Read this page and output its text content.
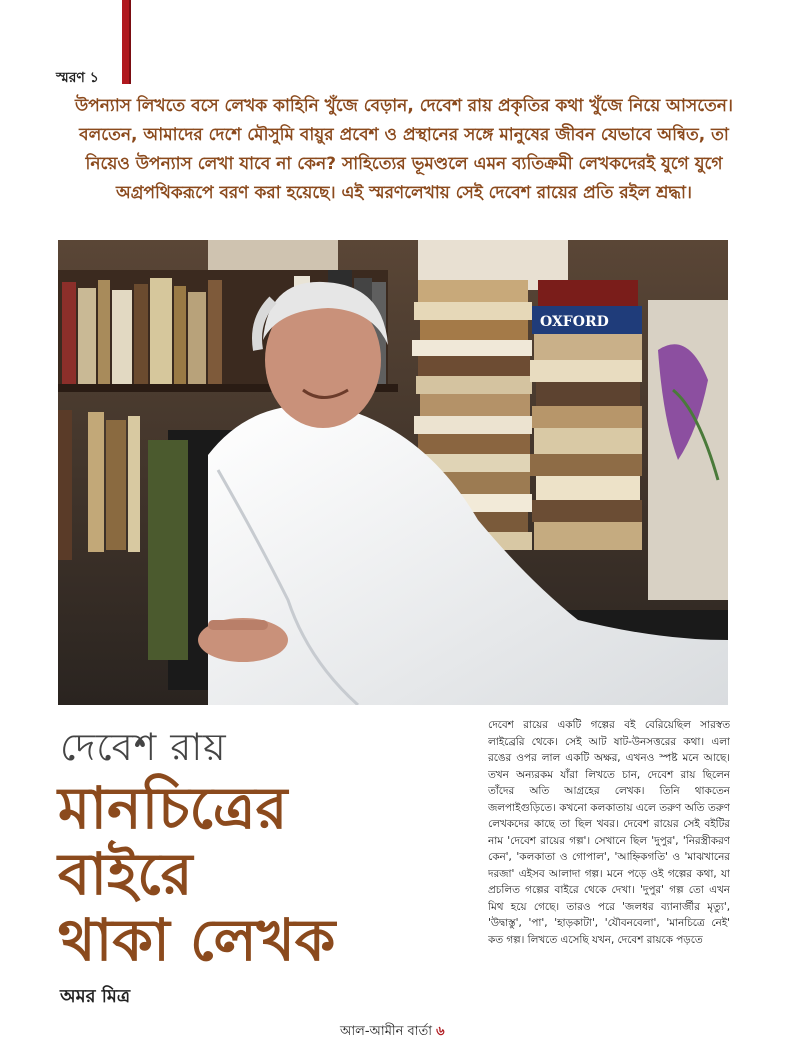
স্মরণ ১
উপন্যাস লিখতে বসে লেখক কাহিনি খুঁজে বেড়ান, দেবেশ রায় প্রকৃতির কথা খুঁজে নিয়ে আসতেন। বলতেন, আমাদের দেশে মৌসুমি বায়ুর প্রবেশ ও প্রস্থানের সঙ্গে মানুষের জীবন যেভাবে অন্বিত, তা নিয়েও উপন্যাস লেখা যাবে না কেন? সাহিত্যের ভূমণ্ডলে এমন ব্যতিক্রমী লেখকদেরই যুগে যুগে অগ্রপথিকরূপে বরণ করা হয়েছে। এই স্মরণলেখায় সেই দেবেশ রায়ের প্রতি রইল শ্রদ্ধা।
OXFORD
দেবেশ রায়
মানচিত্রের বাইরে
থাকা লেখক
অমর মিত্র
দেবেশ রায়ের একটি গল্পের বই বেরিয়েছিল সারস্বত লাইব্রেরি থেকে। সেই আট ষাট-উনসত্তরের কথা। এলা রঙের ওপর লাল একটি অক্ষর, এখনও স্পষ্ট মনে আছে। তখন অন্যরকম যাঁরা লিখতে চান, দেবেশ রায় ছিলেন তাঁদের অতি আগ্রহের লেখক। তিনি থাকতেন জলপাইগুড়িতে। কখনো কলকাতায় এলে তরুণ অতি তরুণ লেখকদের কাছে তা ছিল খবর। দেবেশ রায়ের সেই বইটির নাম 'দেবেশ রায়ের গল্প'। সেখানে ছিল 'দুপুর', 'নিরস্ত্রীকরণ কেন', 'কলকাতা ও গোপাল', 'আহ্নিকগতি' ও 'মাঝখানের দরজা' এইসব আলাদা গল্প। মনে পড়ে ওই গল্পের কথা, যা প্রচলিত গল্পের বাইরে থেকে দেখা। 'দুপুর' গল্প তো এখন মিথ হয়ে গেছে। তারও পরে 'জলধর ব্যানার্জীর মৃত্যু', 'উদ্বাস্তু', 'পা', 'হাড়কাটা', 'যৌবনবেলা', 'মানচিত্রে নেই' কত গল্প। লিখতে এসেছি যখন, দেবেশ রায়কে পড়তে
আল-আমীন বার্তা ৬
